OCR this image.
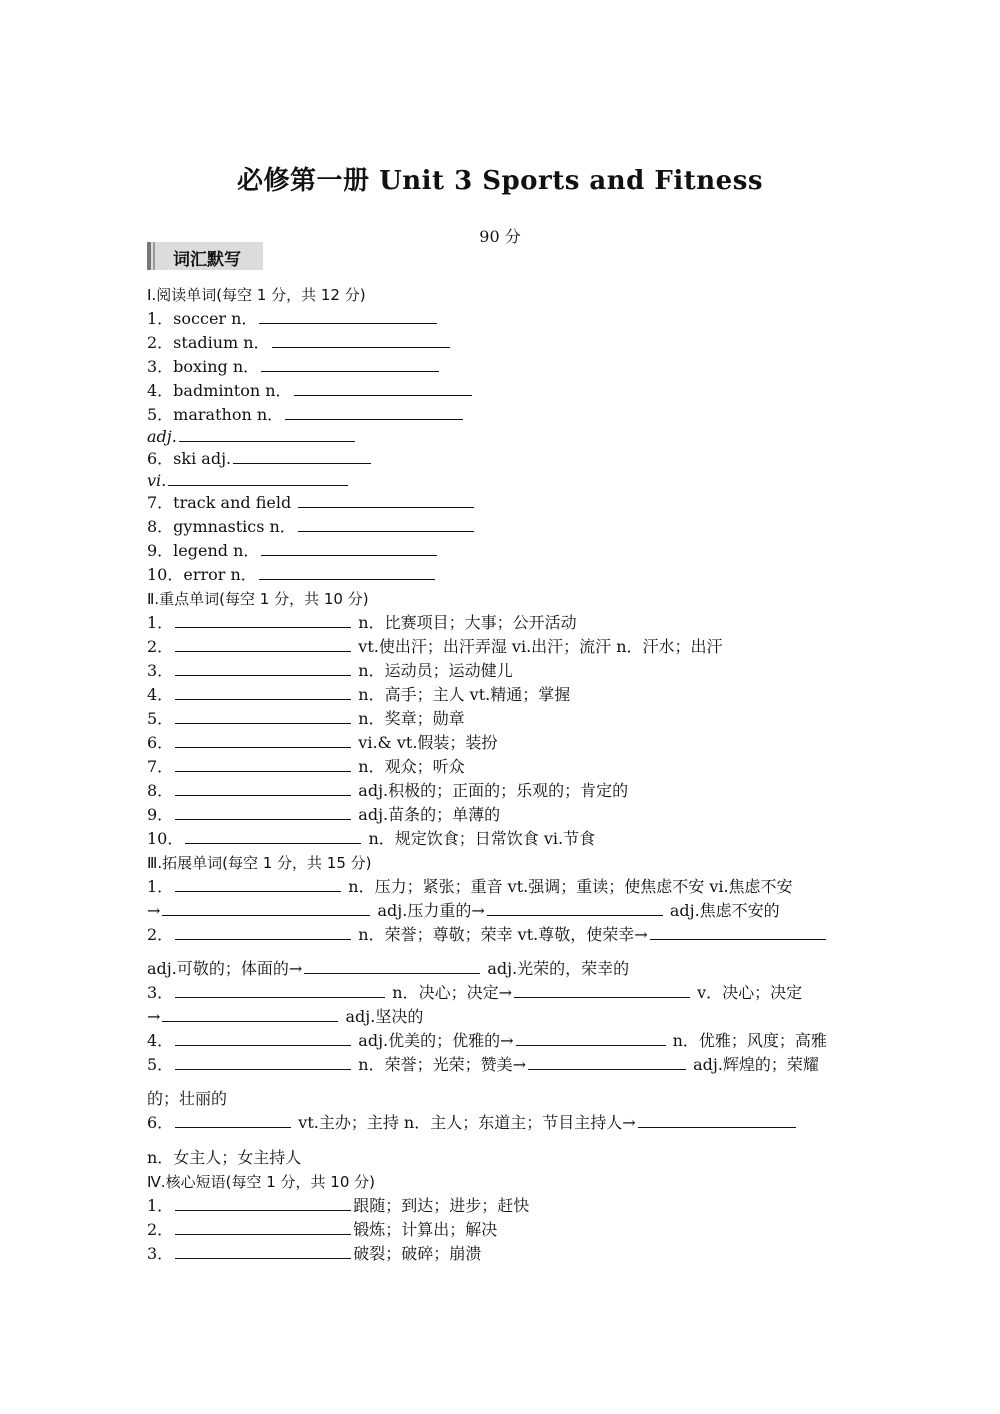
必修第一册 Unit 3 Sports and Fitness
90 分
词汇默写
Ⅰ.阅读单词(每空 1 分，共 12 分)
1．soccer n．
2．stadium n．
3．boxing n．
4．badminton n．
5．marathon n．
adj.
6．ski adj.
vi.
7．track and field
8．gymnastics n．
9．legend n．
10．error n．
Ⅱ.重点单词(每空 1 分，共 10 分)
1．	n．比赛项目；大事；公开活动
2．	vt.使出汗；出汗弄湿 vi.出汗；流汗 n．汗水；出汗
3．	n．运动员；运动健儿
4．	n．高手；主人 vt.精通；掌握
5．	n．奖章；勋章
6．	vi.& vt.假装；装扮
7．	n．观众；听众
8．	adj.积极的；正面的；乐观的；肯定的
9．	adj.苗条的；单薄的
10．	n．规定饮食；日常饮食 vi.节食
Ⅲ.拓展单词(每空 1 分，共 15 分)
1．	n．压力；紧张；重音 vt.强调；重读；使焦虑不安 vi.焦虑不安
→	adj.压力重的→	adj.焦虑不安的
2．	n．荣誉；尊敬；荣幸 vt.尊敬，使荣幸→
adj.可敬的；体面的→	adj.光荣的，荣幸的
3．	n．决心；决定→	v．决心；决定
→	adj.坚决的
4．	adj.优美的；优雅的→	n．优雅；风度；高雅
5．	n．荣誉；光荣；赞美→	adj.辉煌的；荣耀
的；壮丽的
6．	vt.主办；主持 n．主人；东道主；节目主持人→
n．女主人；女主持人
Ⅳ.核心短语(每空 1 分，共 10 分)
1．	跟随；到达；进步；赶快
2．	锻炼；计算出；解决
3．	破裂；破碎；崩溃
